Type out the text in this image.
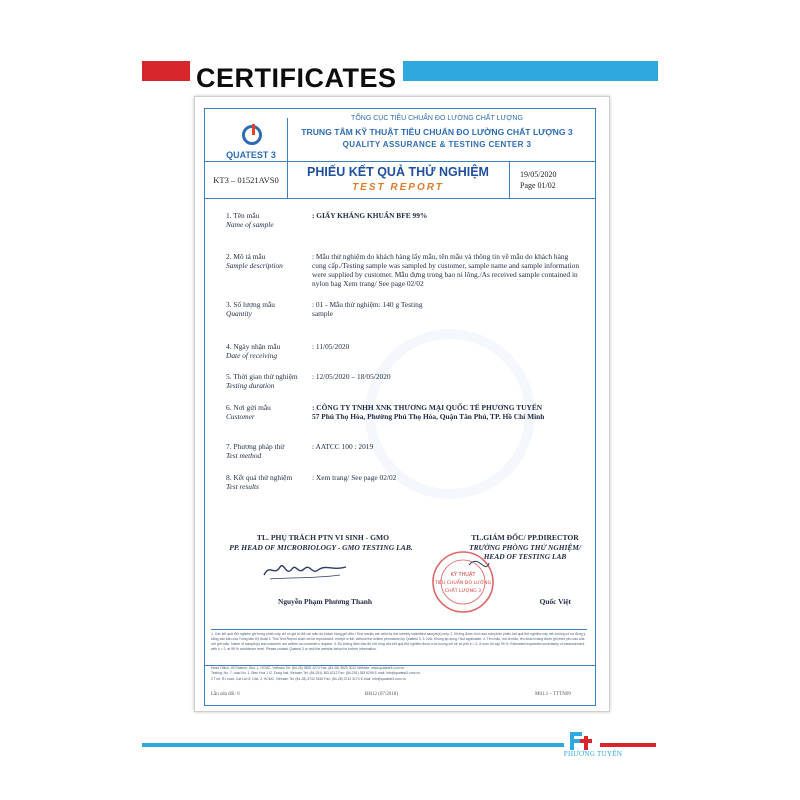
CERTIFICATES
QUATEST 3
TỔNG CỤC TIÊU CHUẨN ĐO LƯỜNG CHẤT LƯỢNG
TRUNG TÂM KỸ THUẬT TIÊU CHUẨN ĐO LƯỜNG CHẤT LƯỢNG 3
QUALITY ASSURANCE & TESTING CENTER 3
KT3 – 01521AVS0
PHIẾU KẾT QUẢ THỬ NGHIỆM
TEST REPORT
19/05/2020
Page 01/02
1. Tên mẫu
Name of sample
: GIẤY KHÁNG KHUẨN BFE 99%
2. Mô tả mẫu
Sample description
: Mẫu thử nghiệm do khách hàng lấy mẫu, tên mẫu và thông tin về mẫu do khách hàng cung cấp./Testing sample was sampled by customer, sample name and sample information were supplied by customer. Mẫu đựng trong bao ni lông./As received sample contained in nylon bag Xem trang/ See page 02/02
3. Số lượng mẫu
Quantity
: 01 - Mẫu thử nghiệm: 140 g Testing sample
4. Ngày nhận mẫu
Date of receiving
: 11/05/2020
5. Thời gian thử nghiệm
Testing duration
: 12/05/2020 – 18/05/2020
6. Nơi gửi mẫu
Customer
: CÔNG TY TNHH XNK THƯƠNG MẠI QUỐC TẾ PHƯƠNG TUYẾN
57 Phú Thọ Hòa, Phường Phú Thọ Hòa, Quận Tân Phú, TP. Hồ Chí Minh
7. Phương pháp thử
Test method
: AATCC 100 : 2019
8. Kết quả thử nghiệm
Test results
: Xem trang/ See page 02/02
TL. PHỤ TRÁCH PTN VI SINH - GMO
PP. HEAD OF MICROBIOLOGY - GMO TESTING LAB.
Nguyễn Phạm Phương Thanh
TL.GIÁM ĐỐC/ PP.DIRECTOR
TRƯỞNG PHÒNG THỬ NGHIỆM/
HEAD OF TESTING LAB
KỸ THUẬT
TIÊU CHUẨN ĐO LƯỜNG
CHẤT LƯỢNG 3
Quốc Việt
1. Các kết quả thử nghiệm ghi trong phiếu này chỉ có giá trị đối với mẫu do khách hàng gửi đến./ Test results are valid for the namely submitted sample(s) only. 2. Không được trích sao một phần phiếu kết quả thử nghiệm này nếu không có sự đồng ý bằng văn bản của Trung tâm Kỹ thuật 3. This Test Report shall not be reproduced, except in full, without the written permission by Quatest 3. 3. N/A: Không áp dụng / Not applicable. 4. Tên mẫu, mô tả mẫu, tên khách hàng được ghi theo yêu cầu của nơi gửi mẫu. Name of sample(s) and customer are written as customer's request. 5. Độ không đảm bảo đo mở rộng của kết quả thử nghiệm được ước lượng với hệ số phủ k = 2, ở mức tin cậy 95 %. Estimated expanded uncertainty of measurement with k = 2, at 95 % confidence level. Please contact Quatest 3 or visit the website below for further information.
Head Office: 49 Pasteur, Dist. 1, HCMC, Vietnam Tel: (84-28) 3829 4274 Fax: (84-28) 3829 3012 Website: www.quatest3.com.vn
Testing: No. 7, road No. 1, Bien Hoa 1 IZ, Dong Nai, Vietnam Tel: (84-251) 383 6212 Fax: (84-251) 383 6298 E-mail: info@quatest3.com.vn
CT lot, R1 road, Cat Lai IZ, Dist. 2, HCMC, Vietnam Tel: (84-28) 3742 5160 Fax: (84-28) 3742 3174 E-mail: info@quatest3.com.vn
Lần sửa đổi: 0	BH12 (07/2018)	M01.1 – TTTN09
PHƯƠNG TUYẾN
